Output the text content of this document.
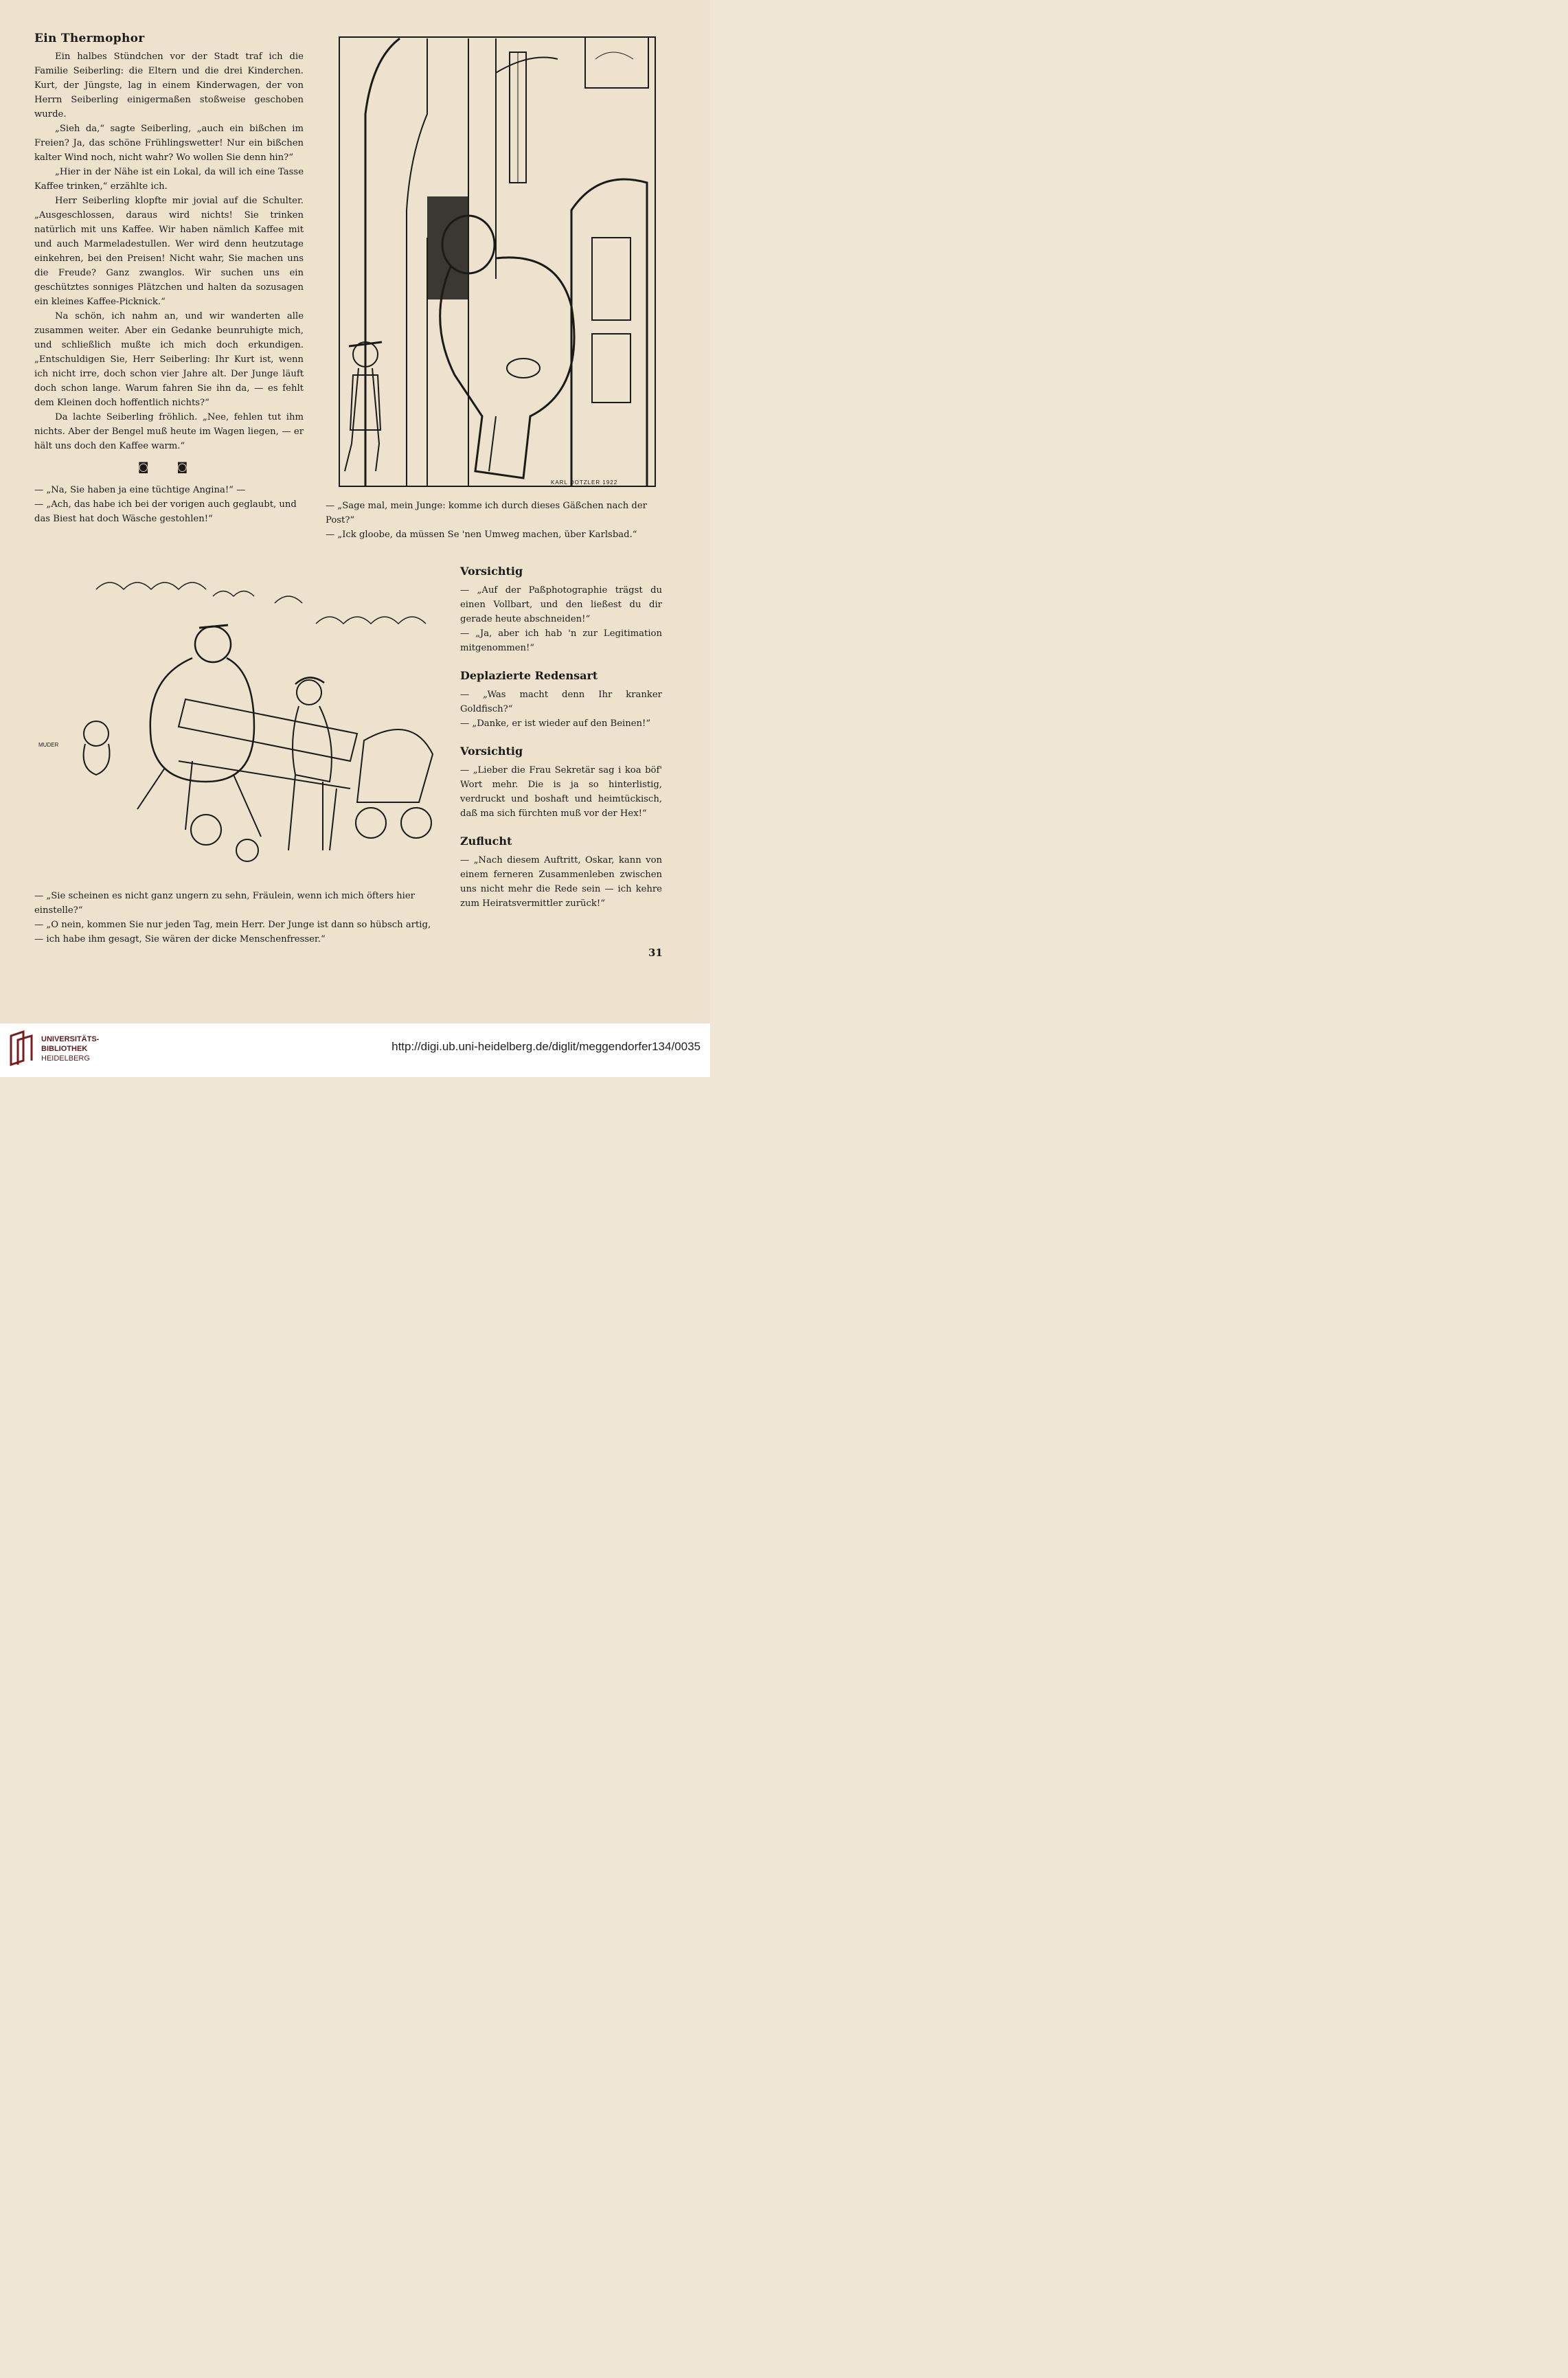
Ein Thermophor

Ein halbes Stündchen vor der Stadt traf ich die Familie Seiberling: die Eltern und die drei Kinderchen. Kurt, der Jüngste, lag in einem Kinderwagen, der von Herrn Seiberling einigermaßen stoßweise geschoben wurde.

„Sieh da,“ sagte Seiberling, „auch ein bißchen im Freien? Ja, das schöne Frühlingswetter! Nur ein bißchen kalter Wind noch, nicht wahr? Wo wollen Sie denn hin?“

„Hier in der Nähe ist ein Lokal, da will ich eine Tasse Kaffee trinken,“ erzählte ich.

Herr Seiberling klopfte mir jovial auf die Schulter. „Ausgeschlossen, daraus wird nichts! Sie trinken natürlich mit uns Kaffee. Wir haben nämlich Kaffee mit und auch Marmeladestullen. Wer wird denn heutzutage einkehren, bei den Preisen! Nicht wahr, Sie machen uns die Freude? Ganz zwanglos. Wir suchen uns ein geschütztes sonniges Plätzchen und halten da sozusagen ein kleines Kaffee-Picknick.“

Na schön, ich nahm an, und wir wanderten alle zusammen weiter. Aber ein Gedanke beunruhigte mich, und schließlich mußte ich mich doch erkundigen. „Entschuldigen Sie, Herr Seiberling: Ihr Kurt ist, wenn ich nicht irre, doch schon vier Jahre alt. Der Junge läuft doch schon lange. Warum fahren Sie ihn da, — es fehlt dem Kleinen doch hoffentlich nichts?“

Da lachte Seiberling fröhlich. „Nee, fehlen tut ihm nichts. Aber der Bengel muß heute im Wagen liegen, — er hält uns doch den Kaffee warm.“

◙ ◙

— „Na, Sie haben ja eine tüchtige Angina!“ —

— „Ach, das habe ich bei der vorigen auch geglaubt, und das Biest hat doch Wäsche gestohlen!“

KARL DOTZLER 1922

— „Sage mal, mein Junge: komme ich durch dieses Gäßchen nach der Post?“

— „Ick gloobe, da müssen Se 'nen Umweg machen, über Karlsbad.“

MUDER

— „Sie scheinen es nicht ganz ungern zu sehn, Fräulein, wenn ich mich öfters hier einstelle?“

— „O nein, kommen Sie nur jeden Tag, mein Herr. Der Junge ist dann so hübsch artig, — ich habe ihm gesagt, Sie wären der dicke Menschenfresser.“

Vorsichtig

— „Auf der Paßphotographie trägst du einen Vollbart, und den ließest du dir gerade heute abschneiden!“

— „Ja, aber ich hab 'n zur Legitimation mitgenommen!“

Deplazierte Redensart

— „Was macht denn Ihr kranker Goldfisch?“

— „Danke, er ist wieder auf den Beinen!“

Vorsichtig

— „Lieber die Frau Sekretär sag i koa böf' Wort mehr. Die is ja so hinterlistig, verdruckt und boshaft und heimtückisch, daß ma sich fürchten muß vor der Hex!“

Zuflucht

— „Nach diesem Auftritt, Oskar, kann von einem ferneren Zusammenleben zwischen uns nicht mehr die Rede sein — ich kehre zum Heiratsvermittler zurück!“

31
UNIVERSITÄTS-
BIBLIOTHEK
HEIDELBERG
http://digi.ub.uni-heidelberg.de/diglit/meggendorfer134/0035
